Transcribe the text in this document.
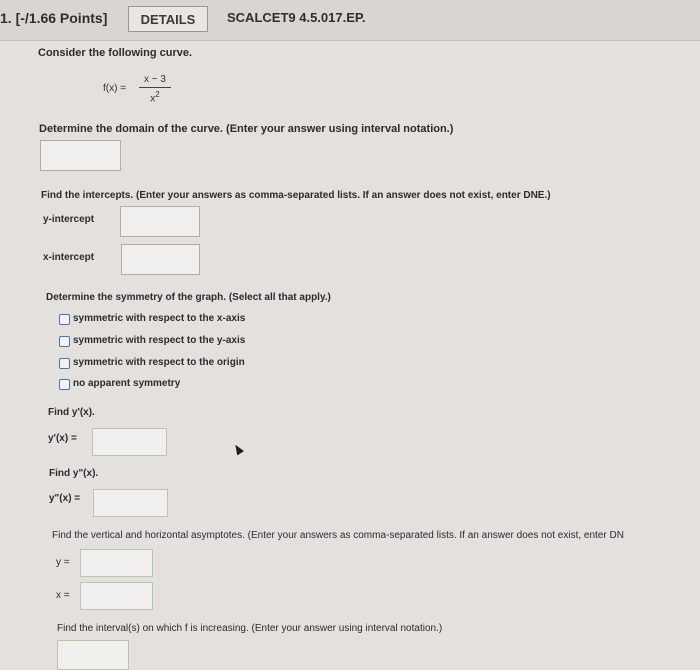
1. [-/1.66 Points]	DETAILS	SCALCET9 4.5.017.EP.
Consider the following curve.
f(x) =
x − 3
$x^2$
Determine the domain of the curve. (Enter your answer using interval notation.)
Find the intercepts. (Enter your answers as comma-separated lists. If an answer does not exist, enter DNE.)
y-intercept
x-intercept
Determine the symmetry of the graph. (Select all that apply.)
symmetric with respect to the x-axis
symmetric with respect to the y-axis
symmetric with respect to the origin
no apparent symmetry
Find y'(x).
y'(x) =
Find y"(x).
y"(x) =
Find the vertical and horizontal asymptotes. (Enter your answers as comma-separated lists. If an answer does not exist, enter DN
y =
x =
Find the interval(s) on which f is increasing. (Enter your answer using interval notation.)
